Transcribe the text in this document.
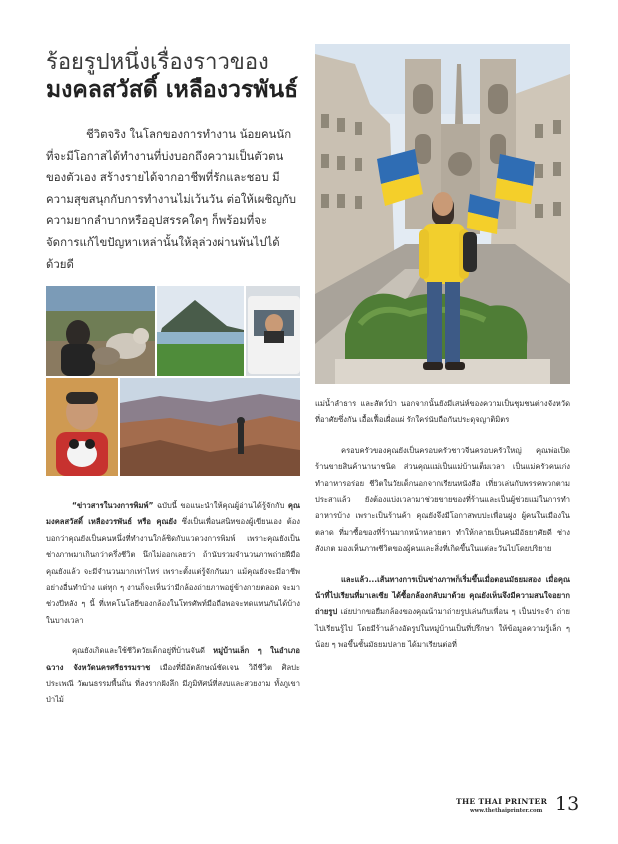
ร้อยรูปหนึ่งเรื่องราวของ
มงคลสวัสดิ์ เหลืองวรพันธ์

ชีวิตจริง ในโลกของการทำงาน น้อยคนนักที่จะมีโอกาสได้ทำงานที่บ่งบอกถึงความเป็นตัวตนของตัวเอง สร้างรายได้จากอาชีพที่รักและชอบ มีความสุขสนุกกับการทำงานไม่เว้นวัน ต่อให้เผชิญกับความยากลำบากหรืออุปสรรคใดๆ ก็พร้อมที่จะจัดการแก้ไขปัญหาเหล่านั้นให้ลุล่วงผ่านพ้นไปได้ด้วยดี

“ข่าวสารในวงการพิมพ์” ฉบับนี้ ขอแนะนำให้คุณผู้อ่านได้รู้จักกับ คุณมงคลสวัสดิ์ เหลืองวรพันธ์ หรือ คุณยัง ซึ่งเป็นเพื่อนสนิทของผู้เขียนเอง ต้องบอกว่าคุณยังเป็นคนหนึ่งที่ทำงานใกล้ชิดกับแวดวงการพิมพ์ เพราะคุณยังเป็นช่างภาพมาเกินกว่าครึ่งชีวิต นึกไม่ออกเลยว่า ถ้านับรวมจำนวนภาพถ่ายฝีมือคุณยังแล้ว จะมีจำนวนมากเท่าไหร่ เพราะตั้งแต่รู้จักกันมา แม้คุณยังจะมีอาชีพอย่างอื่นทำบ้าง แต่ทุก ๆ งานก็จะเห็นว่ามีกล้องถ่ายภาพอยู่ข้างกายตลอด จะมาช่วงปีหลัง ๆ นี้ ที่เทคโนโลยีของกล้องในโทรศัพท์มือถือพอจะทดแทนกันได้บ้างในบางเวลา

คุณยังเกิดและใช้ชีวิตวัยเด็กอยู่ที่บ้านจันดี หมู่บ้านเล็ก ๆ ในอำเภอฉวาง จังหวัดนครศรีธรรมราช เมืองที่มีอัตลักษณ์ชัดเจน วิถีชีวิต ศิลปะ ประเพณี วัฒนธรรมพื้นถิ่น ที่ลงรากฝังลึก มีภูมิทัศน์ที่สงบและสวยงาม ทั้งภูเขา ป่าไม้

แม่น้ำลำธาร และสัตว์ป่า นอกจากนั้นยังมีเสน่ห์ของความเป็นชุมชนต่างจังหวัด ที่อาศัยซึ่งกัน เอื้อเฟื้อเผื่อแผ่ รักใคร่นับถือกันประดุจญาติมิตร

ครอบครัวของคุณยังเป็นครอบครัวชาวจีนครอบครัวใหญ่ คุณพ่อเปิดร้านขายสินค้านานาชนิด ส่วนคุณแม่เป็นแม่บ้านเต็มเวลา เป็นแม่ครัวคนเก่ง ทำอาหารอร่อย ชีวิตในวัยเด็กนอกจากเรียนหนังสือ เที่ยวเล่นกับพรรคพวกตามประสาแล้ว ยังต้องแบ่งเวลามาช่วยขายของที่ร้านและเป็นผู้ช่วยแม่ในการทำอาหารบ้าง เพราะเป็นร้านค้า คุณยังจึงมีโอกาสพบปะเพื่อนฝูง ผู้คนในเมืองในตลาด ที่มาซื้อของที่ร้านมากหน้าหลายตา ทำให้กลายเป็นคนมีอัธยาศัยดี ช่างสังเกต มองเห็นภาพชีวิตของผู้คนและสิ่งที่เกิดขึ้นในแต่ละวันไปโดยปริยาย

และแล้ว...เส้นทางการเป็นช่างภาพก็เริ่มขึ้นเมื่อตอนมัธยมสอง เมื่อคุณน้าที่ไปเรียนที่มาเลเซีย ได้ซื้อกล้องกลับมาด้วย คุณยังเห็นจึงมีความสนใจอยากถ่ายรูป เอ่ยปากขอยืมกล้องของคุณน้ามาถ่ายรูปเล่นกับเพื่อน ๆ เป็นประจำ ถ่ายไปเรียนรู้ไป โดยมีร้านล้างอัดรูปในหมู่บ้านเป็นที่ปรึกษา ให้ข้อมูลความรู้เล็ก ๆ น้อย ๆ พอขึ้นชั้นมัธยมปลาย ได้มาเรียนต่อที่

THE THAI PRINTER
www.thethaiprinter.com 13
